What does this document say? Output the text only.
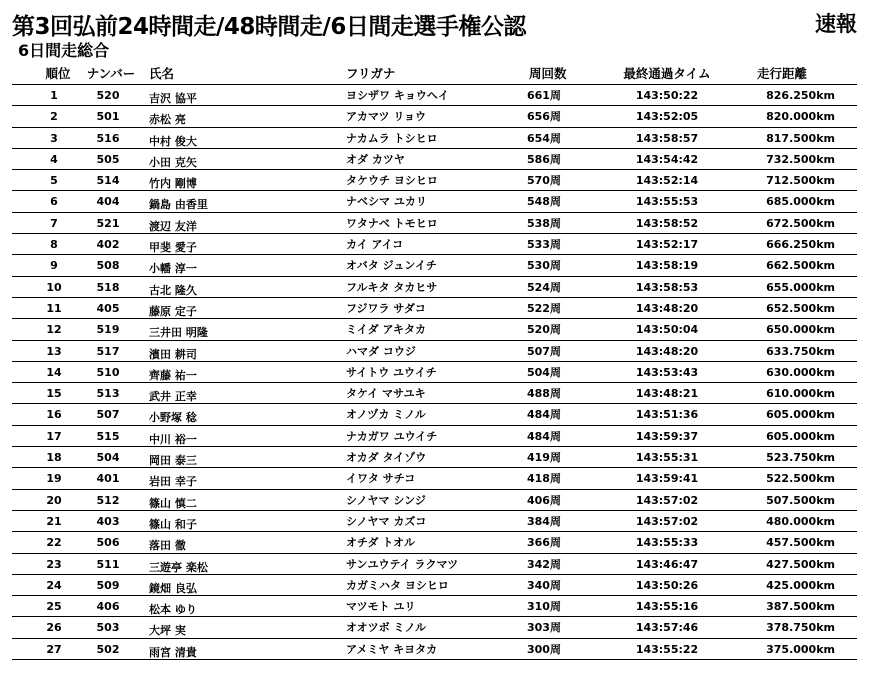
第3回弘前24時間走/48時間走/6日間走選手権公認	速報
6日間走総合
順位	ナンバー	氏名	フリガナ	周回数	最終通過タイム	走行距離
1	520	吉沢 協平	ヨシザワ キョウヘイ	661周	143:50:22	826.250km
2	501	赤松 亮	アカマツ リョウ	656周	143:52:05	820.000km
3	516	中村 俊大	ナカムラ トシヒロ	654周	143:58:57	817.500km
4	505	小田 克矢	オダ カツヤ	586周	143:54:42	732.500km
5	514	竹内 剛博	タケウチ ヨシヒロ	570周	143:52:14	712.500km
6	404	鍋島 由香里	ナベシマ ユカリ	548周	143:55:53	685.000km
7	521	渡辺 友洋	ワタナベ トモヒロ	538周	143:58:52	672.500km
8	402	甲斐 愛子	カイ アイコ	533周	143:52:17	666.250km
9	508	小幡 淳一	オバタ ジュンイチ	530周	143:58:19	662.500km
10	518	古北 隆久	フルキタ タカヒサ	524周	143:58:53	655.000km
11	405	藤原 定子	フジワラ サダコ	522周	143:48:20	652.500km
12	519	三井田 明隆	ミイダ アキタカ	520周	143:50:04	650.000km
13	517	濱田 耕司	ハマダ コウジ	507周	143:48:20	633.750km
14	510	齊藤 祐一	サイトウ ユウイチ	504周	143:53:43	630.000km
15	513	武井 正幸	タケイ マサユキ	488周	143:48:21	610.000km
16	507	小野塚 稔	オノヅカ ミノル	484周	143:51:36	605.000km
17	515	中川 裕一	ナカガワ ユウイチ	484周	143:59:37	605.000km
18	504	岡田 泰三	オカダ タイゾウ	419周	143:55:31	523.750km
19	401	岩田 幸子	イワタ サチコ	418周	143:59:41	522.500km
20	512	篠山 慎二	シノヤマ シンジ	406周	143:57:02	507.500km
21	403	篠山 和子	シノヤマ カズコ	384周	143:57:02	480.000km
22	506	落田 徹	オチダ トオル	366周	143:55:33	457.500km
23	511	三遊亭 楽松	サンユウテイ ラクマツ	342周	143:46:47	427.500km
24	509	鏡畑 良弘	カガミハタ ヨシヒロ	340周	143:50:26	425.000km
25	406	松本 ゆり	マツモト ユリ	310周	143:55:16	387.500km
26	503	大坪 実	オオツボ ミノル	303周	143:57:46	378.750km
27	502	雨宮 清貴	アメミヤ キヨタカ	300周	143:55:22	375.000km
